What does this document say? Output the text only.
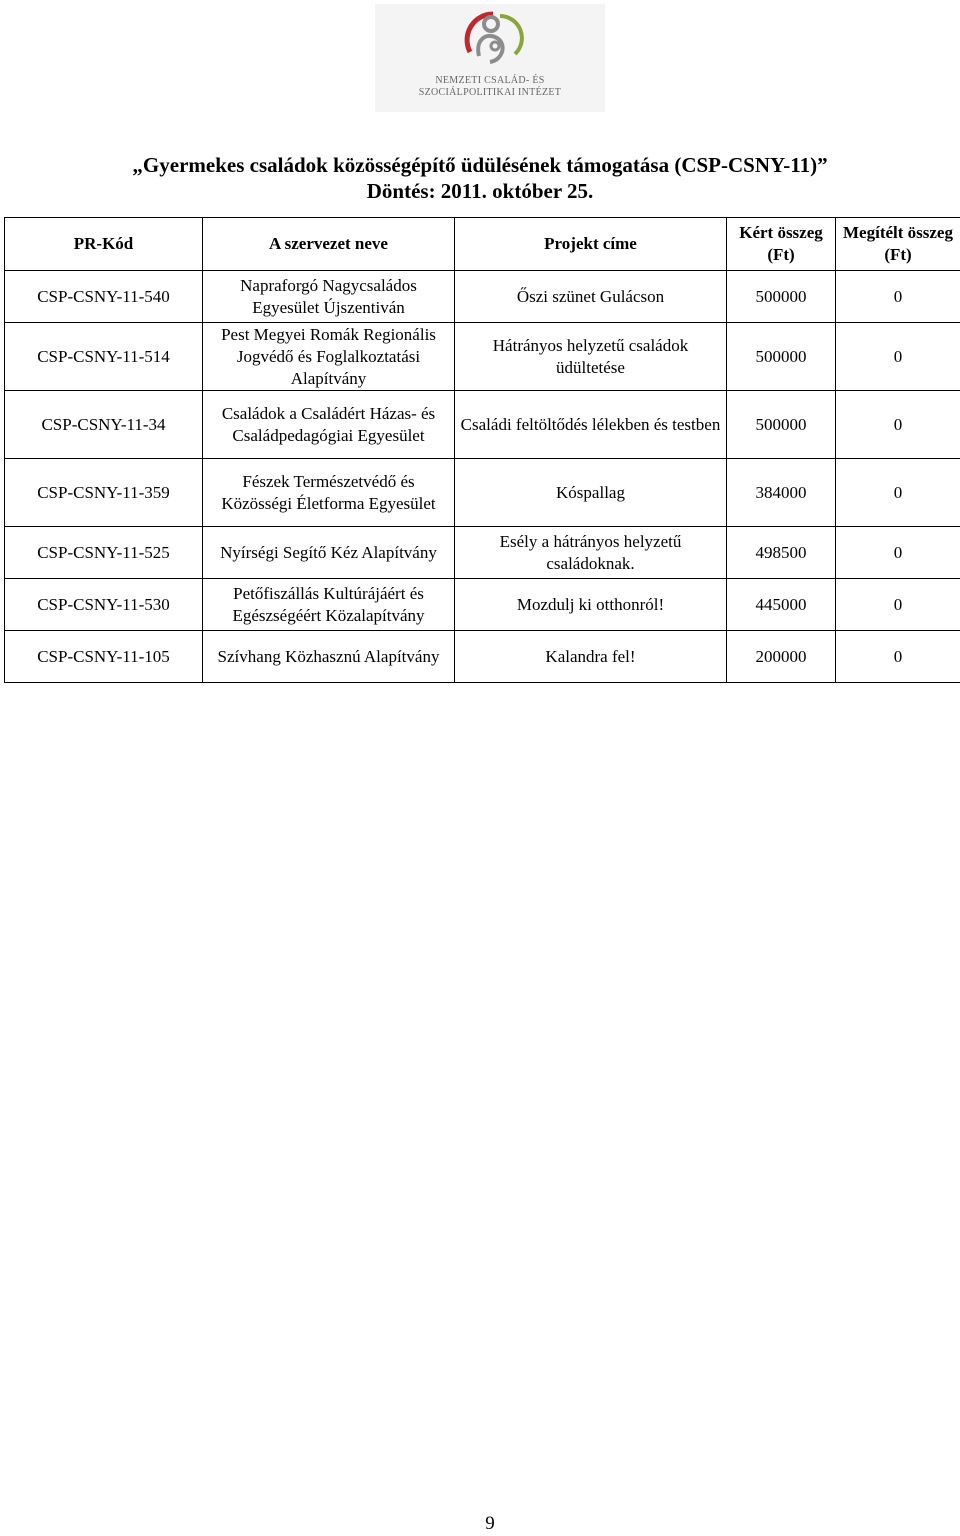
NEMZETI CSALÁD- ÉS
SZOCIÁLPOLITIKAI INTÉZET
„Gyermekes családok közösségépítő üdülésének támogatása (CSP-CSNY-11)”
Döntés: 2011. október 25.
PR-Kód	A szervezet neve	Projekt címe	Kért összeg (Ft)	Megítélt összeg (Ft)
CSP-CSNY-11-540	Napraforgó Nagycsaládos Egyesület Újszentiván	Őszi szünet Gulácson	500000	0
CSP-CSNY-11-514	Pest Megyei Romák Regionális Jogvédő és Foglalkoztatási Alapítvány	Hátrányos helyzetű családok üdültetése	500000	0
CSP-CSNY-11-34	Családok a Családért Házas- és Családpedagógiai Egyesület	Családi feltöltődés lélekben és testben	500000	0
CSP-CSNY-11-359	Fészek Természetvédő és Közösségi Életforma Egyesület	Kóspallag	384000	0
CSP-CSNY-11-525	Nyírségi Segítő Kéz Alapítvány	Esély a hátrányos helyzetű családoknak.	498500	0
CSP-CSNY-11-530	Petőfiszállás Kultúrájáért és Egészségéért Közalapítvány	Mozdulj ki otthonról!	445000	0
CSP-CSNY-11-105	Szívhang Közhasznú Alapítvány	Kalandra fel!	200000	0
9
